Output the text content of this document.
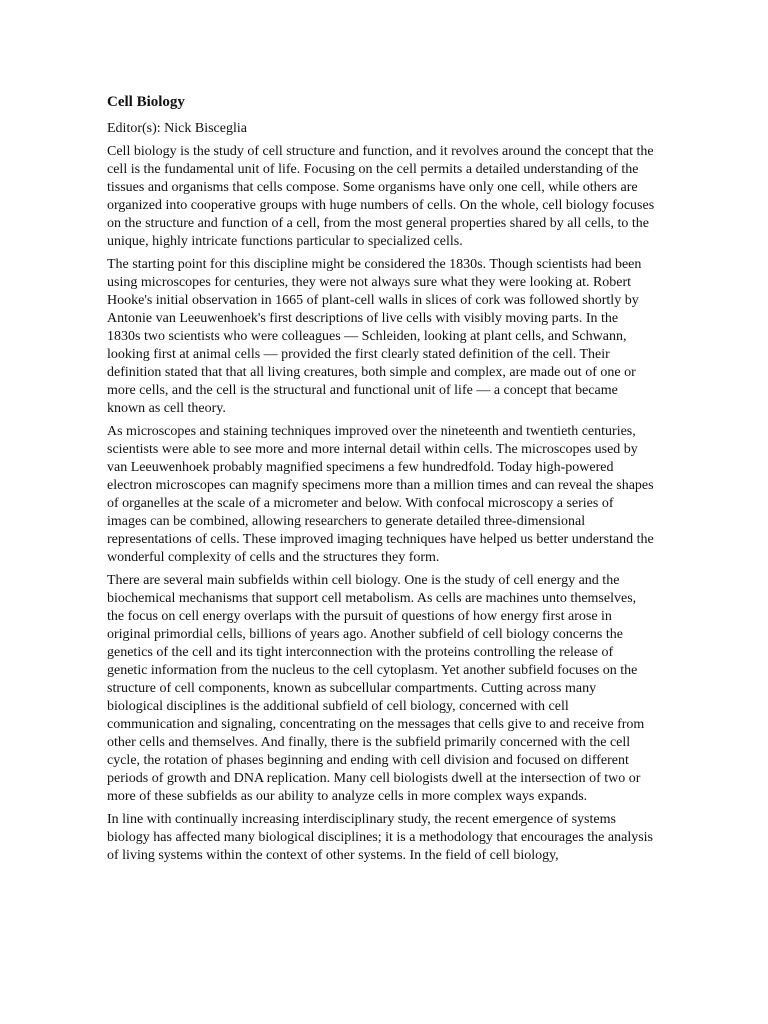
Cell Biology
Editor(s): Nick Bisceglia

Cell biology is the study of cell structure and function, and it revolves around the concept that the cell is the fundamental unit of life. Focusing on the cell permits a detailed understanding of the tissues and organisms that cells compose. Some organisms have only one cell, while others are organized into cooperative groups with huge numbers of cells. On the whole, cell biology focuses on the structure and function of a cell, from the most general properties shared by all cells, to the unique, highly intricate functions particular to specialized cells.

The starting point for this discipline might be considered the 1830s. Though scientists had been using microscopes for centuries, they were not always sure what they were looking at. Robert Hooke's initial observation in 1665 of plant-cell walls in slices of cork was followed shortly by Antonie van Leeuwenhoek's first descriptions of live cells with visibly moving parts. In the 1830s two scientists who were colleagues — Schleiden, looking at plant cells, and Schwann, looking first at animal cells — provided the first clearly stated definition of the cell. Their definition stated that that all living creatures, both simple and complex, are made out of one or more cells, and the cell is the structural and functional unit of life — a concept that became known as cell theory.

As microscopes and staining techniques improved over the nineteenth and twentieth centuries, scientists were able to see more and more internal detail within cells. The microscopes used by van Leeuwenhoek probably magnified specimens a few hundredfold. Today high-powered electron microscopes can magnify specimens more than a million times and can reveal the shapes of organelles at the scale of a micrometer and below. With confocal microscopy a series of images can be combined, allowing researchers to generate detailed three-dimensional representations of cells. These improved imaging techniques have helped us better understand the wonderful complexity of cells and the structures they form.

There are several main subfields within cell biology. One is the study of cell energy and the biochemical mechanisms that support cell metabolism. As cells are machines unto themselves, the focus on cell energy overlaps with the pursuit of questions of how energy first arose in original primordial cells, billions of years ago. Another subfield of cell biology concerns the genetics of the cell and its tight interconnection with the proteins controlling the release of genetic information from the nucleus to the cell cytoplasm. Yet another subfield focuses on the structure of cell components, known as subcellular compartments. Cutting across many biological disciplines is the additional subfield of cell biology, concerned with cell communication and signaling, concentrating on the messages that cells give to and receive from other cells and themselves. And finally, there is the subfield primarily concerned with the cell cycle, the rotation of phases beginning and ending with cell division and focused on different periods of growth and DNA replication. Many cell biologists dwell at the intersection of two or more of these subfields as our ability to analyze cells in more complex ways expands.

In line with continually increasing interdisciplinary study, the recent emergence of systems biology has affected many biological disciplines; it is a methodology that encourages the analysis of living systems within the context of other systems. In the field of cell biology,
